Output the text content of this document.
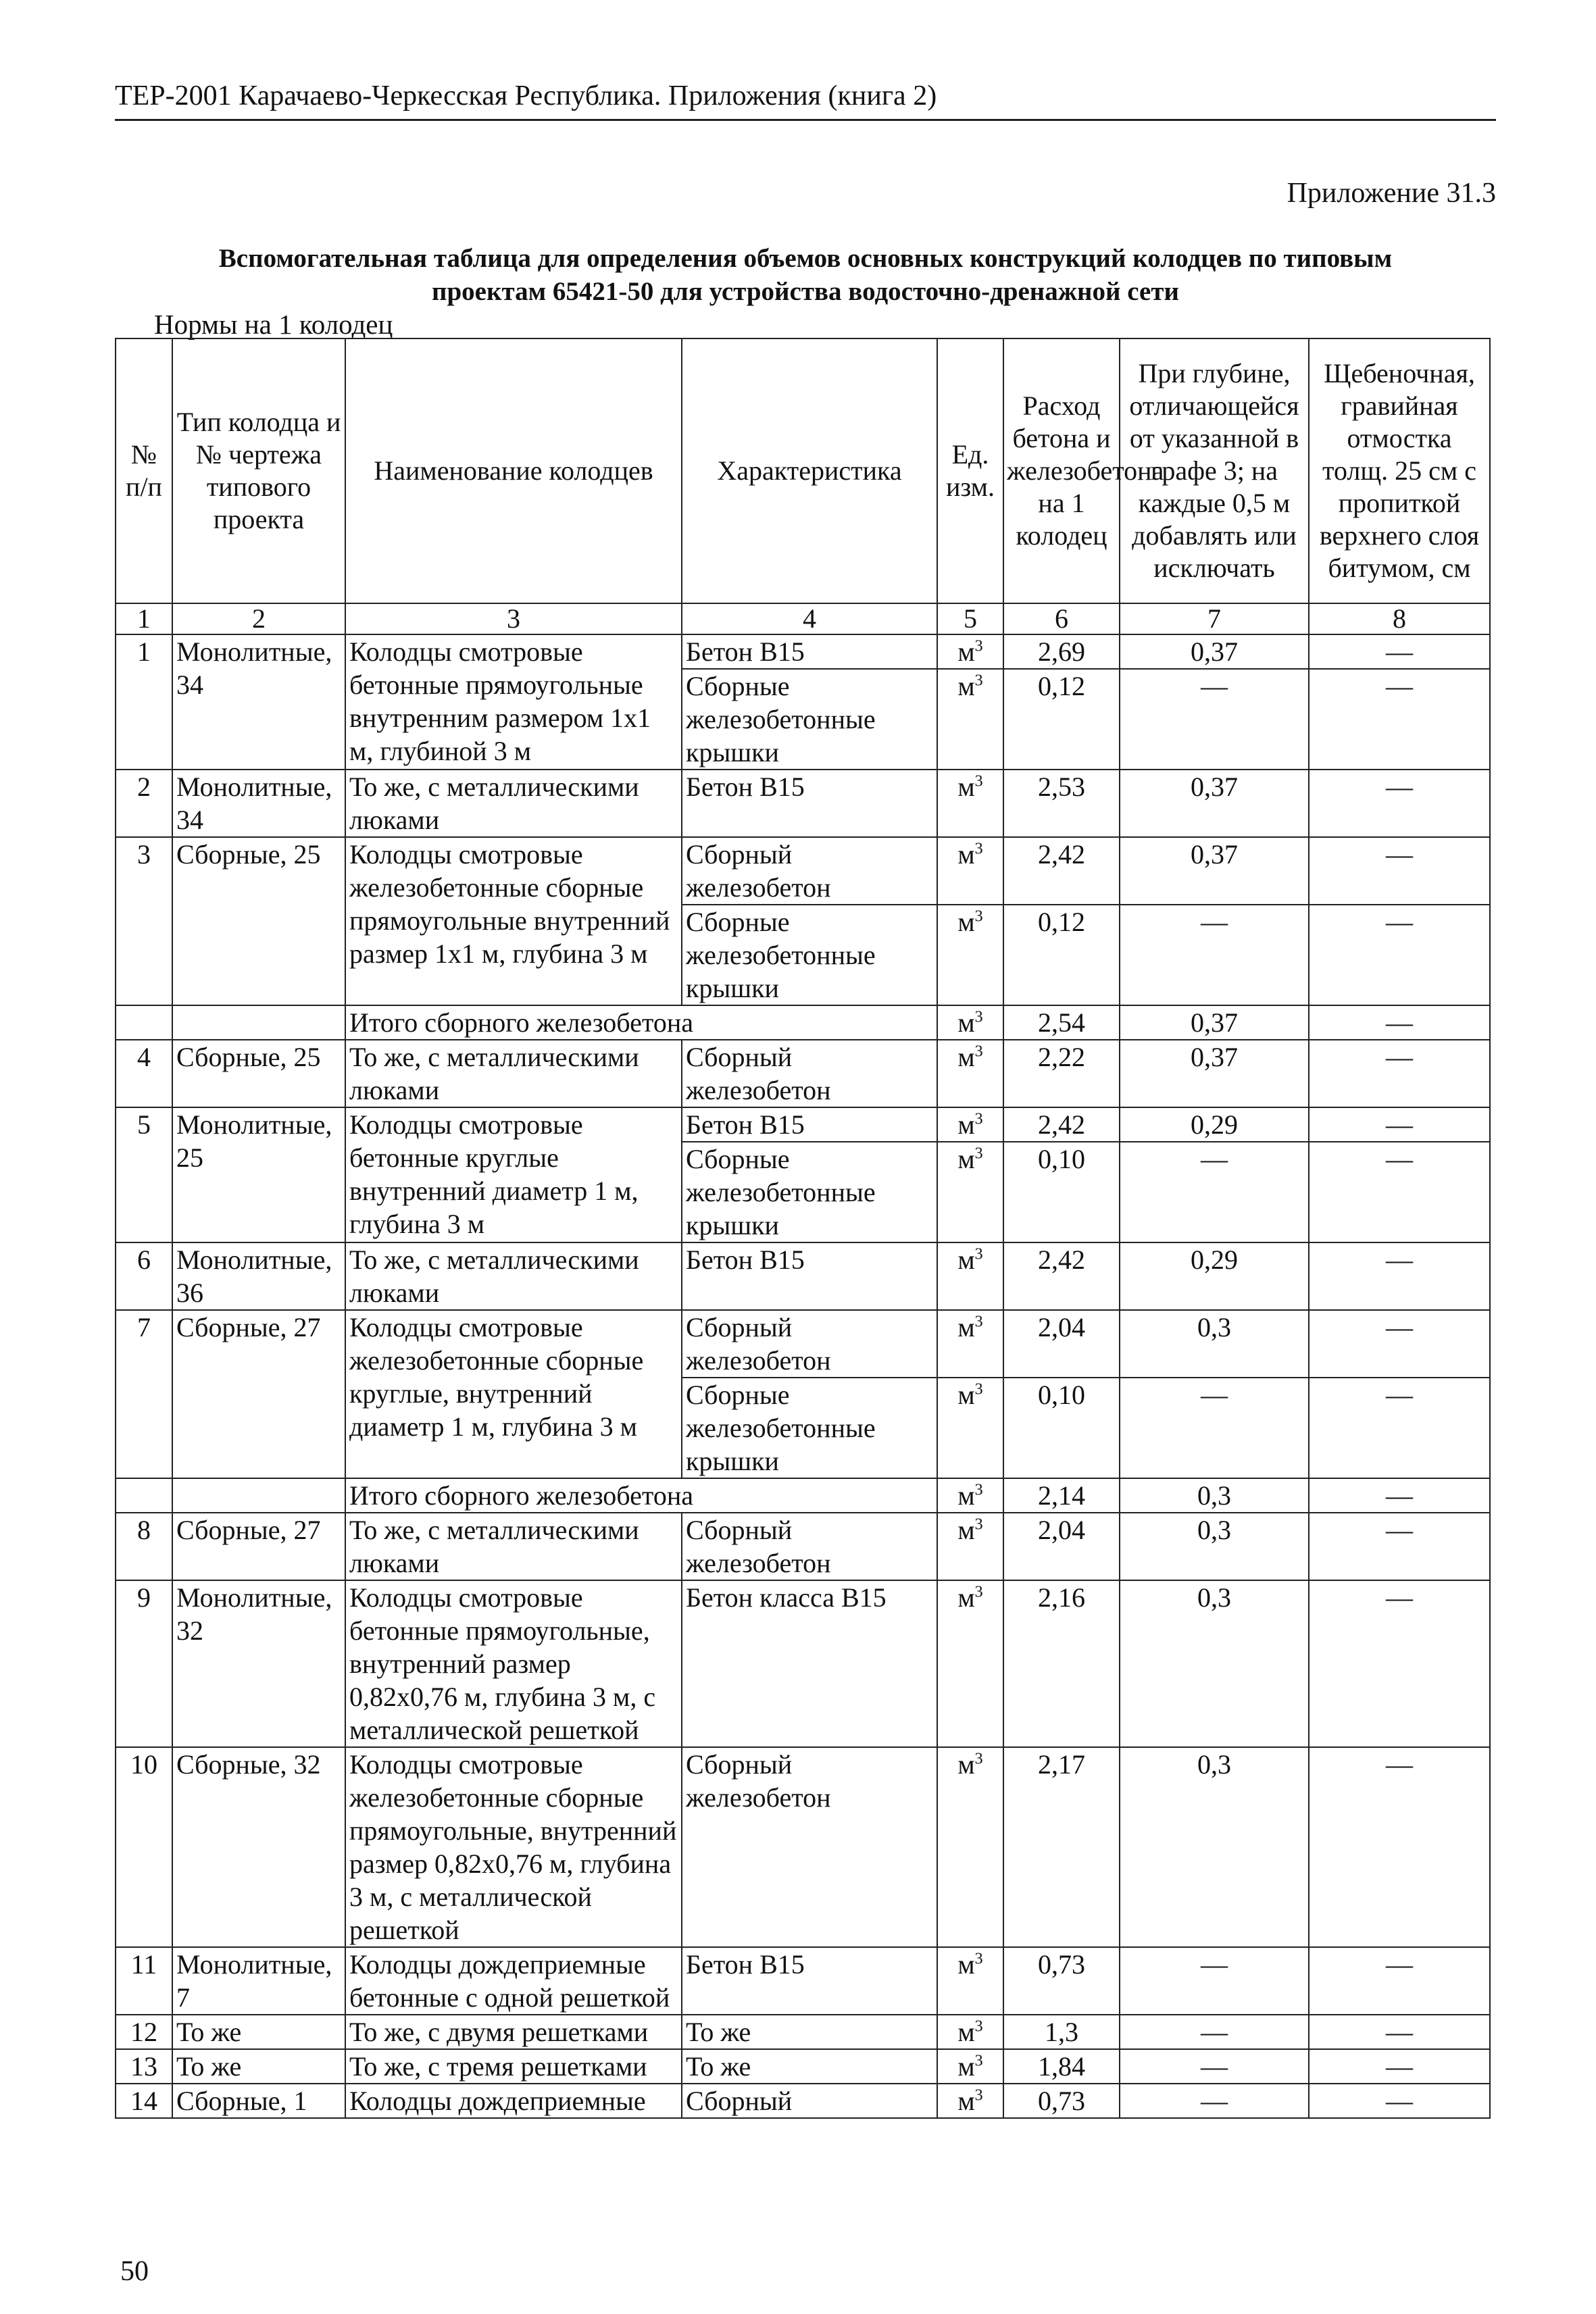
ТЕР-2001 Карачаево-Черкесская Республика. Приложения (книга 2)
Приложение 31.3
Вспомогательная таблица для определения объемов основных конструкций колодцев по типовым
проектам 65421-50 для устройства водосточно-дренажной сети
Нормы на 1 колодец
№ п/п	Тип колодца и № чертежа типового проекта	Наименование колодцев	Характеристика	Ед. изм.	Расход бетона и железобетона на 1 колодец	При глубине, отличающейся от указанной в графе 3; на каждые 0,5 м добавлять или исключать	Щебеночная, гравийная отмостка толщ. 25 см с пропиткой верхнего слоя битумом, см
1	2	3	4	5	6	7	8
1	Монолитные, 34	Колодцы смотровые бетонные прямоугольные внутренним размером 1х1 м, глубиной 3 м	Бетон В15	$м^3$	2,69	0,37	—
			Сборные железобетонные крышки	$м^3$	0,12	—	—
2	Монолитные, 34	То же, с металлическими люками	Бетон В15	$м^3$	2,53	0,37	—
3	Сборные, 25	Колодцы смотровые железобетонные сборные прямоугольные внутренний размер 1х1 м, глубина 3 м	Сборный железобетон	$м^3$	2,42	0,37	—
			Сборные железобетонные крышки	$м^3$	0,12	—	—
		Итого сборного железобетона		$м^3$	2,54	0,37	—
4	Сборные, 25	То же, с металлическими люками	Сборный железобетон	$м^3$	2,22	0,37	—
5	Монолитные, 25	Колодцы смотровые бетонные круглые внутренний диаметр 1 м, глубина 3 м	Бетон В15	$м^3$	2,42	0,29	—
			Сборные железобетонные крышки	$м^3$	0,10	—	—
6	Монолитные, 36	То же, с металлическими люками	Бетон В15	$м^3$	2,42	0,29	—
7	Сборные, 27	Колодцы смотровые железобетонные сборные круглые, внутренний диаметр 1 м, глубина 3 м	Сборный железобетон	$м^3$	2,04	0,3	—
			Сборные железобетонные крышки	$м^3$	0,10	—	—
		Итого сборного железобетона		$м^3$	2,14	0,3	—
8	Сборные, 27	То же, с металлическими люками	Сборный железобетон	$м^3$	2,04	0,3	—
9	Монолитные, 32	Колодцы смотровые бетонные прямоугольные, внутренний размер 0,82х0,76 м, глубина 3 м, с металлической решеткой	Бетон класса В15	$м^3$	2,16	0,3	—
10	Сборные, 32	Колодцы смотровые железобетонные сборные прямоугольные, внутренний размер 0,82х0,76 м, глубина 3 м, с металлической решеткой	Сборный железобетон	$м^3$	2,17	0,3	—
11	Монолитные, 7	Колодцы дождеприемные бетонные с одной решеткой	Бетон В15	$м^3$	0,73	—	—
12	То же	То же, с двумя решетками	То же	$м^3$	1,3	—	—
13	То же	То же, с тремя решетками	То же	$м^3$	1,84	—	—
14	Сборные, 1	Колодцы дождеприемные	Сборный	$м^3$	0,73	—	—
50
